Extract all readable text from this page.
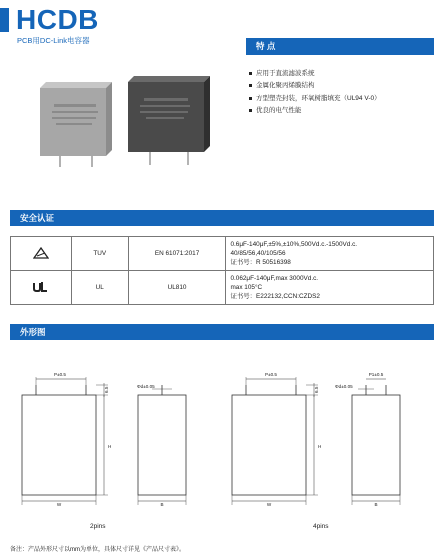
HCDB
PCB用DC-Link电容器
特 点
应用于直流滤波系统
金属化聚丙烯膜结构
方型塑壳封装，环氧树脂填充（UL94 V-0）
优良的电气性能
安全认证
	TUV	EN 61071:2017	0.6μF-140μF,±5%,±10%,500Vd.c.-1500Vd.c.
40/85/56,40/105/56
证书号：R 50516398

	UL	UL810	0.062μF-140μF,max 3000Vd.c.
max 105°C
证书号：E222132,CCN:CZDS2
外形图
P±0.5
6.5
H
W
Φd±0.05
B
P±0.5
6.5
H
W
P1±0.5
Φd±0.05
B
2pins	4pins
备注：产品外形尺寸以mm为单位，具体尺寸详见《产品尺寸表》。
